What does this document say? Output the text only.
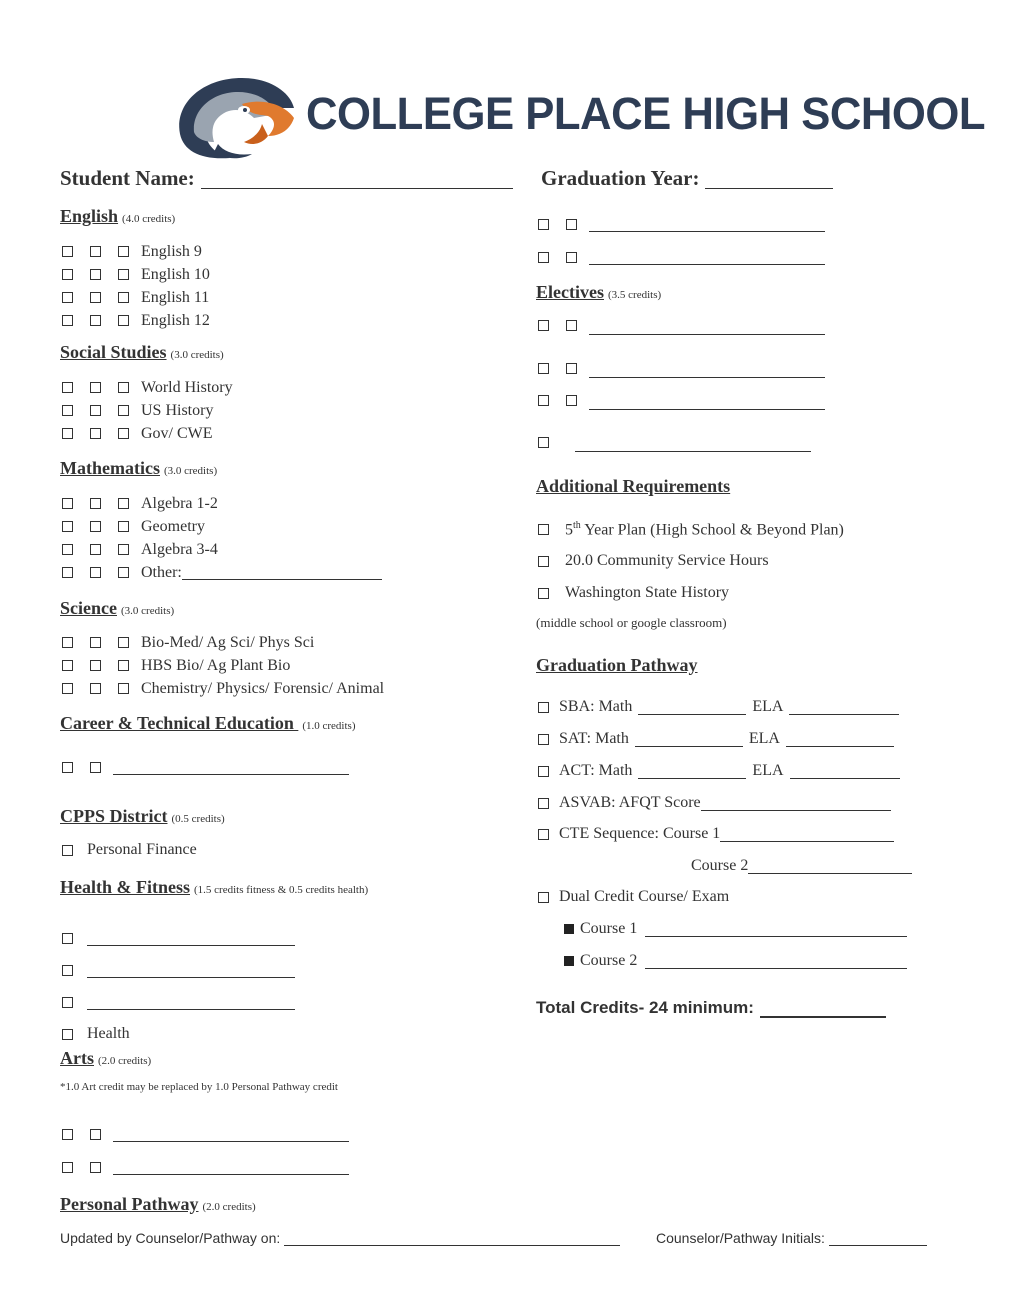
COLLEGE PLACE HIGH SCHOOL
Student Name:	Graduation Year:
English (4.0 credits)
English 9
English 10
English 11
English 12
Social Studies (3.0 credits)
World History
US History
Gov/ CWE
Mathematics (3.0 credits)
Algebra 1-2
Geometry
Algebra 3-4
Other:
Science (3.0 credits)
Bio-Med/ Ag Sci/ Phys Sci
HBS Bio/ Ag Plant Bio
Chemistry/ Physics/ Forensic/ Animal
Career & Technical Education (1.0 credits)
CPPS District (0.5 credits)
Personal Finance
Health & Fitness (1.5 credits fitness & 0.5 credits health)
Health
Arts (2.0 credits)
*1.0 Art credit may be replaced by 1.0 Personal Pathway credit
Personal Pathway (2.0 credits)
Electives (3.5 credits)
Additional Requirements
5th Year Plan (High School & Beyond Plan)
20.0 Community Service Hours
Washington State History
(middle school or google classroom)
Graduation Pathway
SBA: Math	ELA
SAT: Math	ELA
ACT: Math	ELA
ASVAB: AFQT Score
CTE Sequence: Course 1
Course 2
Dual Credit Course/ Exam
Course 1
Course 2
Total Credits- 24 minimum:
Updated by Counselor/Pathway on:	Counselor/Pathway Initials:
